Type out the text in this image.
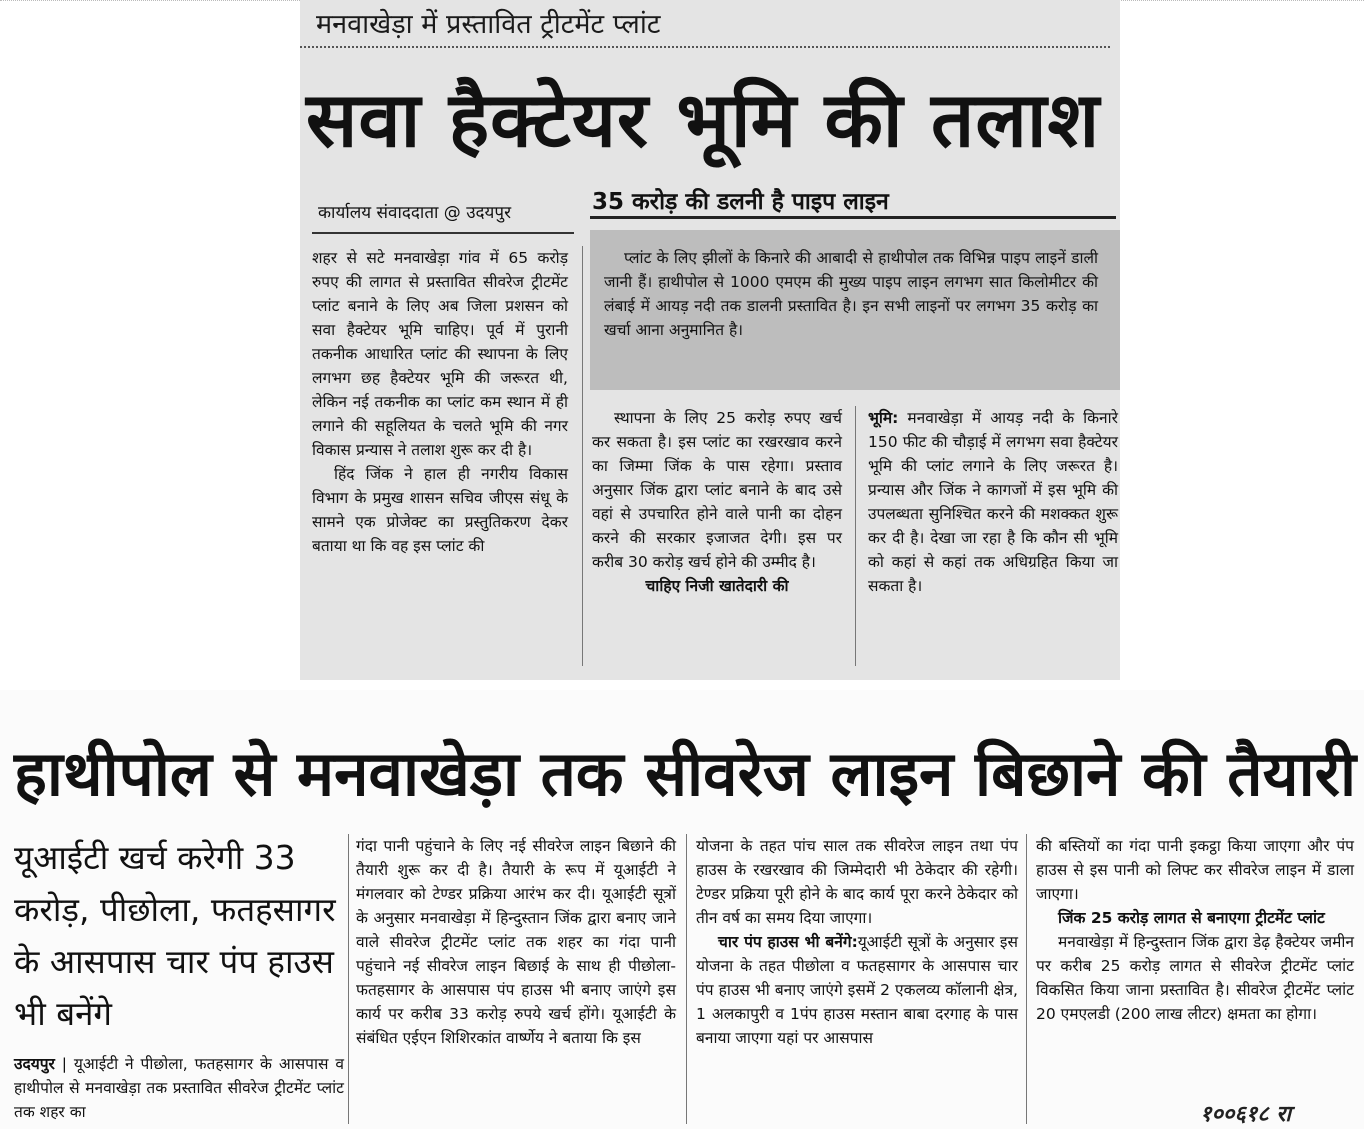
मनवाखेड़ा में प्रस्तावित ट्रीटमेंट प्लांट
सवा हैक्टेयर भूमि की तलाश
कार्यालय संवाददाता @ उदयपुर	35 करोड़ की डलनी है पाइप लाइन

शहर से सटे मनवाखेड़ा गांव में 65 करोड़ रुपए की लागत से प्रस्तावित सीवरेज ट्रीटमेंट प्लांट बनाने के लिए अब जिला प्रशसन को सवा हैक्टेयर भूमि चाहिए। पूर्व में पुरानी तकनीक आधारित प्लांट की स्थापना के लिए लगभग छह हैक्टेयर भूमि की जरूरत थी, लेकिन नई तकनीक का प्लांट कम स्थान में ही लगाने की सहूलियत के चलते भूमि की नगर विकास प्रन्यास ने तलाश शुरू कर दी है।

हिंद जिंक ने हाल ही नगरीय विकास विभाग के प्रमुख शासन सचिव जीएस संधू के सामने एक प्रोजेक्ट का प्रस्तुतिकरण देकर बताया था कि वह इस प्लांट की

प्लांट के लिए झीलों के किनारे की आबादी से हाथीपोल तक विभिन्न पाइप लाइनें डाली जानी हैं। हाथीपोल से 1000 एमएम की मुख्य पाइप लाइन लगभग सात किलोमीटर की लंबाई में आयड़ नदी तक डालनी प्रस्तावित है। इन सभी लाइनों पर लगभग 35 करोड़ का खर्चा आना अनुमानित है।

स्थापना के लिए 25 करोड़ रुपए खर्च कर सकता है। इस प्लांट का रखरखाव करने का जिम्मा जिंक के पास रहेगा। प्रस्ताव अनुसार जिंक द्वारा प्लांट बनाने के बाद उसे वहां से उपचारित होने वाले पानी का दोहन करने की सरकार इजाजत देगी। इस पर करीब 30 करोड़ खर्च होने की उम्मीद है।

चाहिए निजी खातेदारी की

भूमि: मनवाखेड़ा में आयड़ नदी के किनारे 150 फीट की चौड़ाई में लगभग सवा हैक्टेयर भूमि की प्लांट लगाने के लिए जरूरत है। प्रन्यास और जिंक ने कागजों में इस भूमि की उपलब्धता सुनिश्चित करने की मशक्कत शुरू कर दी है। देखा जा रहा है कि कौन सी भूमि को कहां से कहां तक अधिग्रहित किया जा सकता है।

हाथीपोल से मनवाखेड़ा तक सीवरेज लाइन बिछाने की तैयारी
यूआईटी खर्च करेगी 33 करोड़, पीछोला, फतहसागर के आसपास चार पंप हाउस भी बनेंगे

उदयपुर | यूआईटी ने पीछोला, फतहसागर के आसपास व हाथीपोल से मनवाखेड़ा तक प्रस्तावित सीवरेज ट्रीटमेंट प्लांट तक शहर का

गंदा पानी पहुंचाने के लिए नई सीवरेज लाइन बिछाने की तैयारी शुरू कर दी है। तैयारी के रूप में यूआईटी ने मंगलवार को टेण्डर प्रक्रिया आरंभ कर दी। यूआईटी सूत्रों के अनुसार मनवाखेड़ा में हिन्दुस्तान जिंक द्वारा बनाए जाने वाले सीवरेज ट्रीटमेंट प्लांट तक शहर का गंदा पानी पहुंचाने नई सीवरेज लाइन बिछाई के साथ ही पीछोला-फतहसागर के आसपास पंप हाउस भी बनाए जाएंगे इस कार्य पर करीब 33 करोड़ रुपये खर्च होंगे। यूआईटी के संबंधित एईएन शिशिरकांत वार्ष्णेय ने बताया कि इस

योजना के तहत पांच साल तक सीवरेज लाइन तथा पंप हाउस के रखरखाव की जिम्मेदारी भी ठेकेदार की रहेगी। टेण्डर प्रक्रिया पूरी होने के बाद कार्य पूरा करने ठेकेदार को तीन वर्ष का समय दिया जाएगा।

चार पंप हाउस भी बनेंगे:यूआईटी सूत्रों के अनुसार इस योजना के तहत पीछोला व फतहसागर के आसपास चार पंप हाउस भी बनाए जाएंगे इसमें 2 एकलव्य कॉलानी क्षेत्र, 1 अलकापुरी व 1पंप हाउस मस्तान बाबा दरगाह के पास बनाया जाएगा यहां पर आसपास

की बस्तियों का गंदा पानी इकट्ठा किया जाएगा और पंप हाउस से इस पानी को लिफ्ट कर सीवरेज लाइन में डाला जाएगा।

जिंक 25 करोड़ लागत से बनाएगा ट्रीटमेंट प्लांट

मनवाखेड़ा में हिन्दुस्तान जिंक द्वारा डेढ़ हैक्टेयर जमीन पर करीब 25 करोड़ लागत से सीवरेज ट्रीटमेंट प्लांट विकसित किया जाना प्रस्तावित है। सीवरेज ट्रीटमेंट प्लांट 20 एमएलडी (200 लाख लीटर) क्षमता का होगा।

१००६१८ रा
